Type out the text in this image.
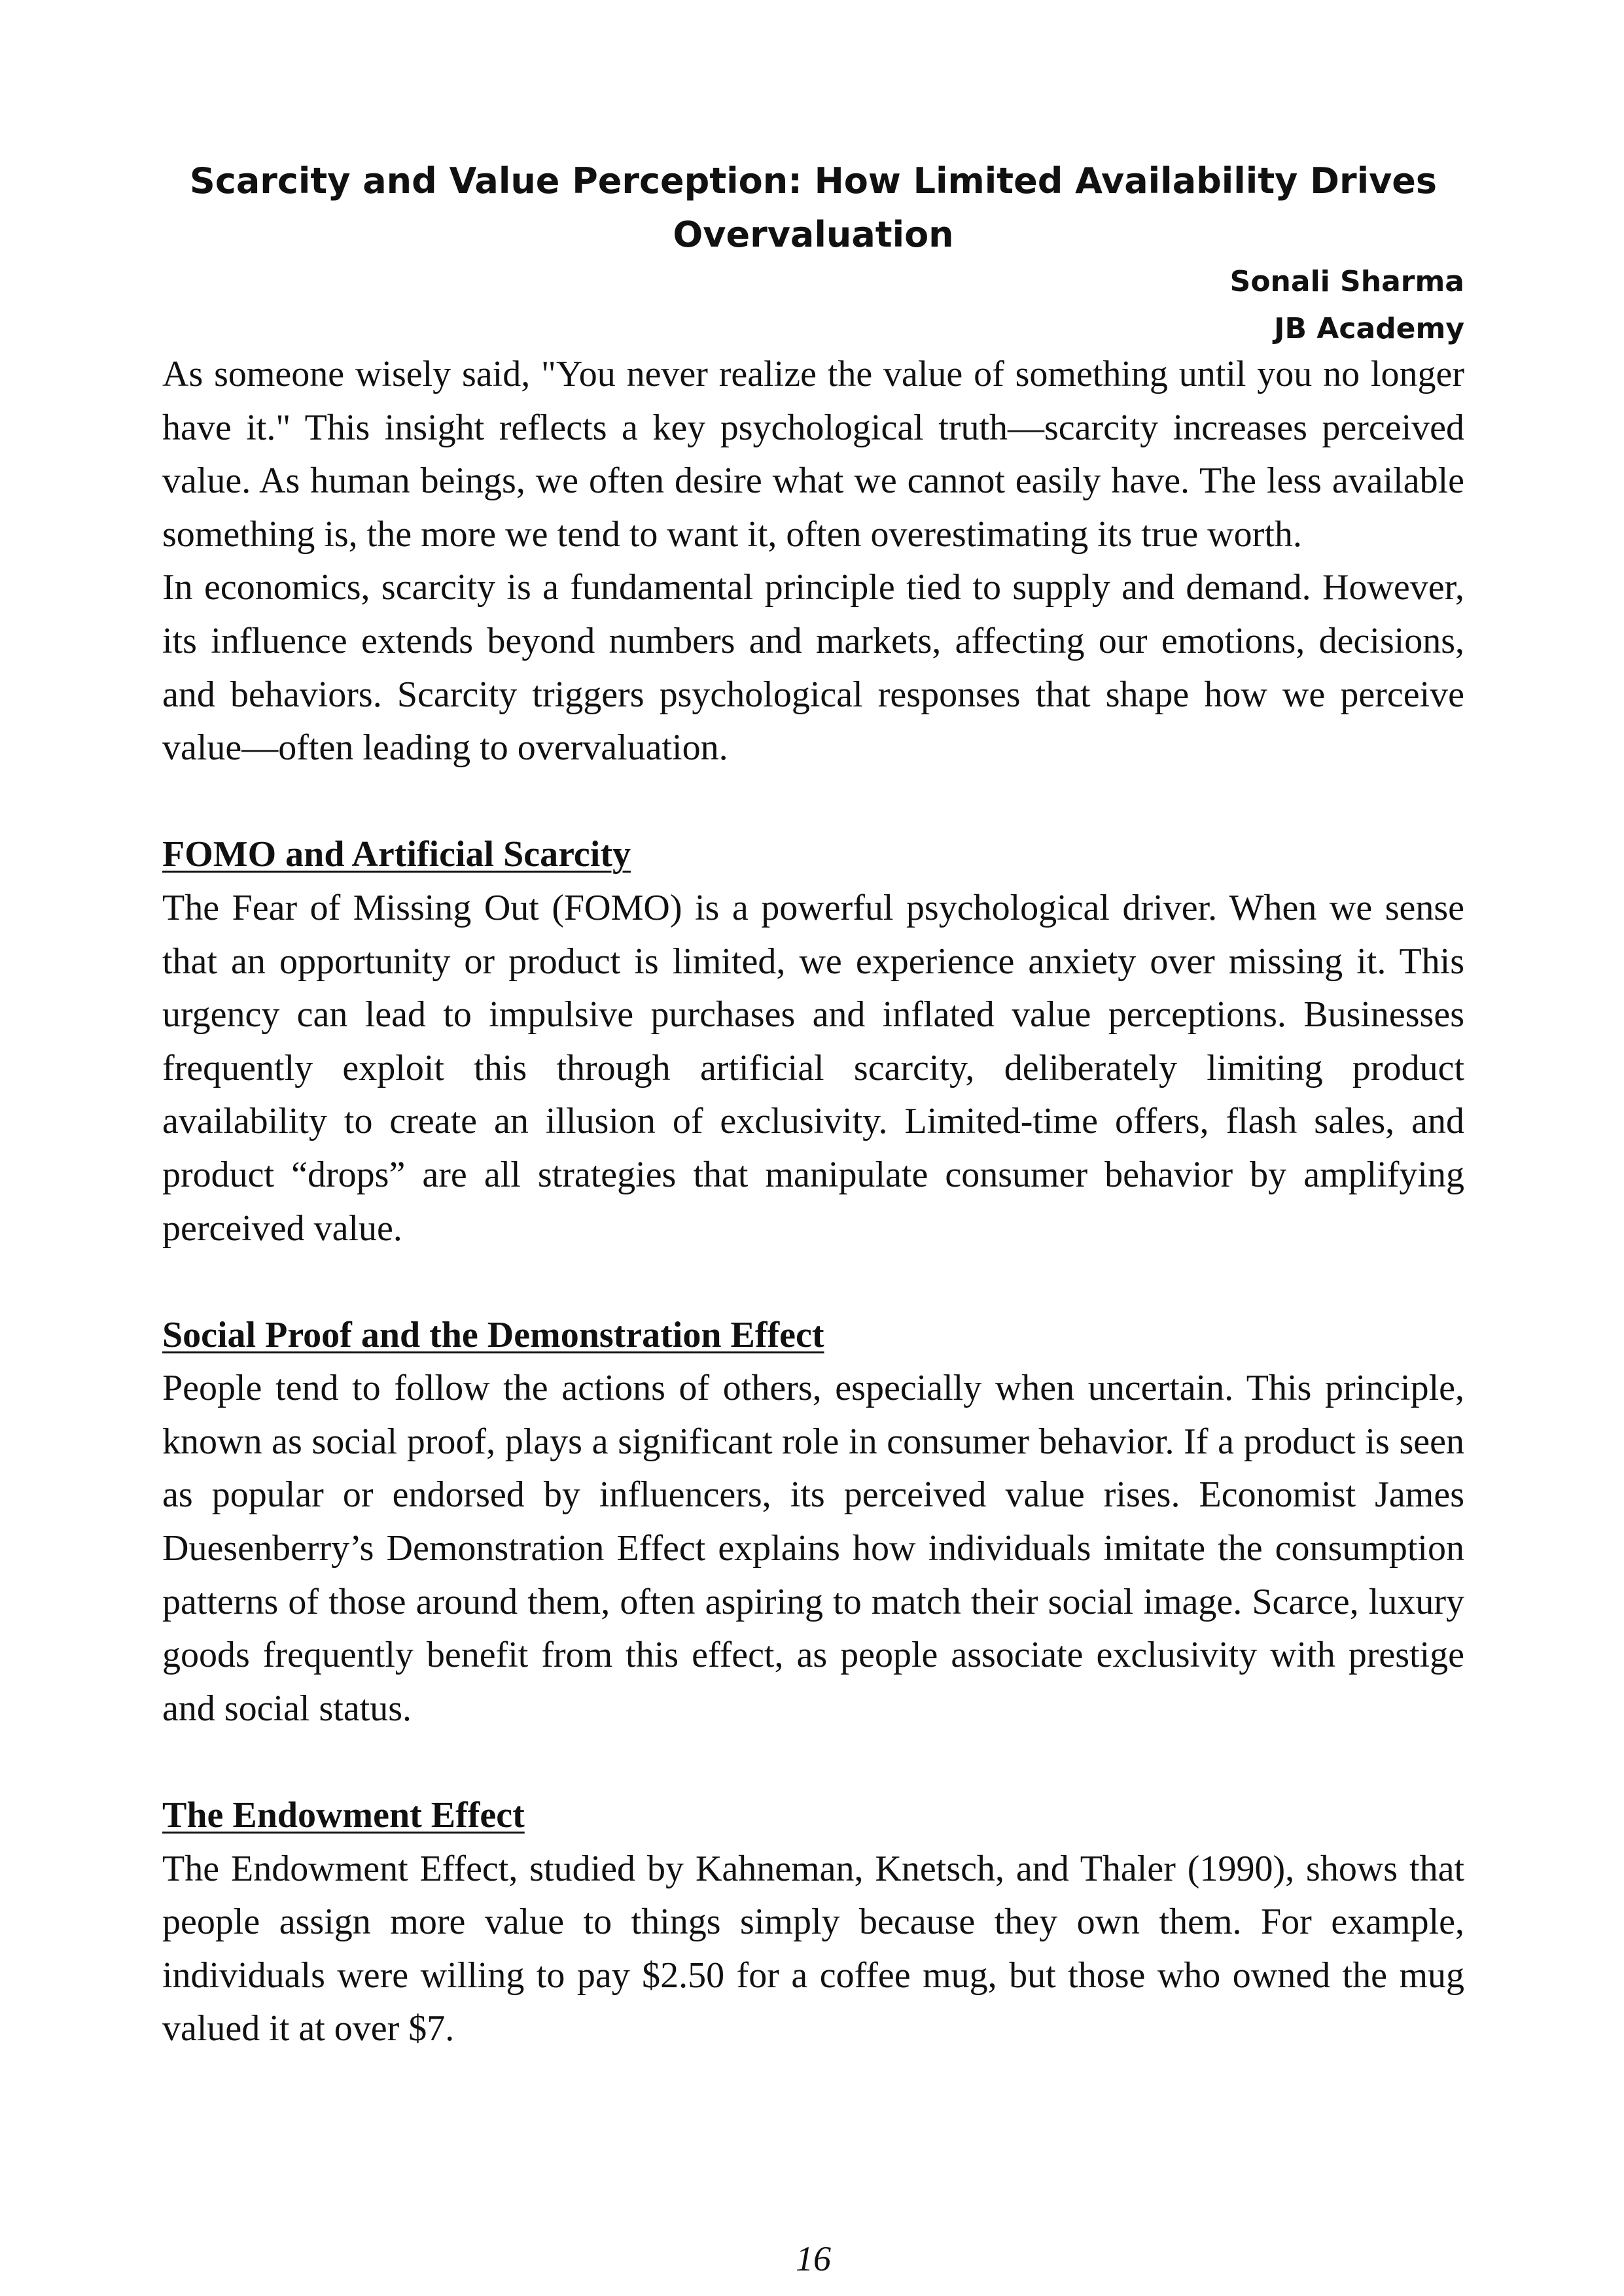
Scarcity and Value Perception: How Limited Availability Drives
Overvaluation
Sonali Sharma
JB Academy

As someone wisely said, "You never realize the value of something until you no longer have it." This insight reflects a key psychological truth—scarcity increases perceived value. As human beings, we often desire what we cannot easily have. The less available something is, the more we tend to want it, often overestimating its true worth.

In economics, scarcity is a fundamental principle tied to supply and demand. However, its influence extends beyond numbers and markets, affecting our emotions, decisions, and behaviors. Scarcity triggers psychological responses that shape how we perceive value—often leading to overvaluation.

FOMO and Artificial Scarcity

The Fear of Missing Out (FOMO) is a powerful psychological driver. When we sense that an opportunity or product is limited, we experience anxiety over missing it. This urgency can lead to impulsive purchases and inflated value perceptions. Businesses frequently exploit this through artificial scarcity, deliberately limiting product availability to create an illusion of exclusivity. Limited-time offers, flash sales, and product “drops” are all strategies that manipulate consumer behavior by amplifying perceived value.

Social Proof and the Demonstration Effect

People tend to follow the actions of others, especially when uncertain. This principle, known as social proof, plays a significant role in consumer behavior. If a product is seen as popular or endorsed by influencers, its perceived value rises. Economist James Duesenberry’s Demonstration Effect explains how individuals imitate the consumption patterns of those around them, often aspiring to match their social image. Scarce, luxury goods frequently benefit from this effect, as people associate exclusivity with prestige and social status.

The Endowment Effect

The Endowment Effect, studied by Kahneman, Knetsch, and Thaler (1990), shows that people assign more value to things simply because they own them. For example, individuals were willing to pay $2.50 for a coffee mug, but those who owned the mug valued it at over $7.

16
